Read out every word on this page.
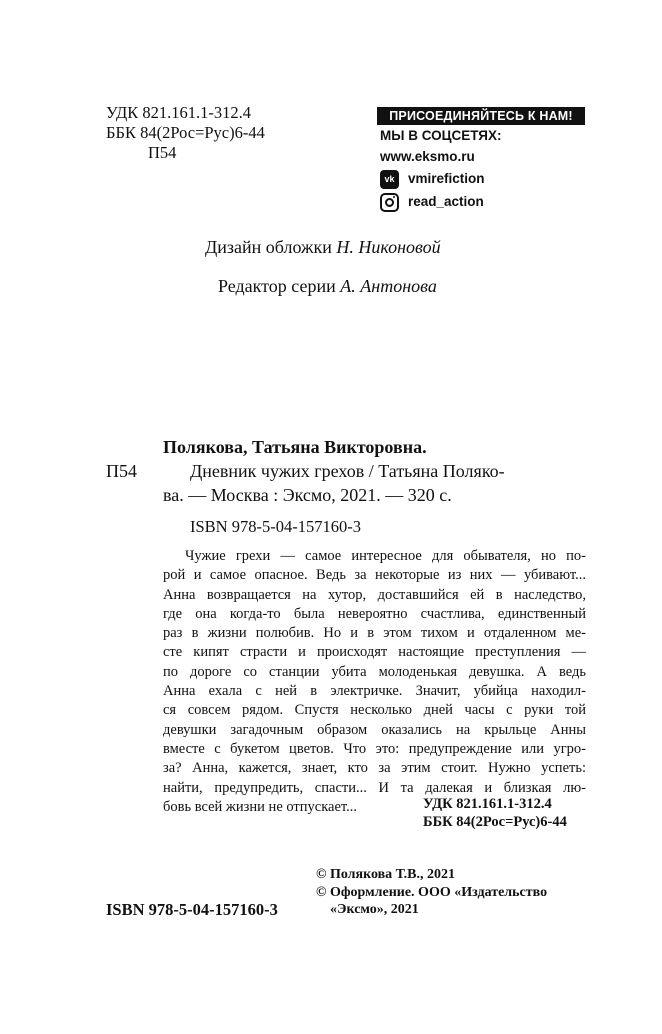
УДК 821.161.1-312.4
ББК 84(2Рос=Рус)6-44
П54
ПРИСОЕДИНЯЙТЕСЬ К НАМ!
МЫ В СОЦСЕТЯХ:
www.eksmo.ru
vk	vmirefiction
read_action
Дизайн обложки Н. Никоновой
Редактор серии А. Антонова
Полякова, Татьяна Викторовна.
П54	Дневник чужих грехов / Татьяна Поляко-
ва. — Москва : Эксмо, 2021. — 320 с.
ISBN 978-5-04-157160-3
Чужие грехи — самое интересное для обывателя, но по-
рой и самое опасное. Ведь за некоторые из них — убивают...
Анна возвращается на хутор, доставшийся ей в наследство,
где она когда-то была невероятно счастлива, единственный
раз в жизни полюбив. Но и в этом тихом и отдаленном ме-
сте кипят страсти и происходят настоящие преступления —
по дороге со станции убита молоденькая девушка. А ведь
Анна ехала с ней в электричке. Значит, убийца находил-
ся совсем рядом. Спустя несколько дней часы с руки той
девушки загадочным образом оказались на крыльце Анны
вместе с букетом цветов. Что это: предупреждение или угро-
за? Анна, кажется, знает, кто за этим стоит. Нужно успеть:
найти, предупредить, спасти... И та далекая и близкая лю-
бовь всей жизни не отпускает...	УДК 821.161.1-312.4
ББК 84(2Рос=Рус)6-44
© Полякова Т.В., 2021
© Оформление. ООО «Издательство
«Эксмо», 2021
ISBN 978-5-04-157160-3
